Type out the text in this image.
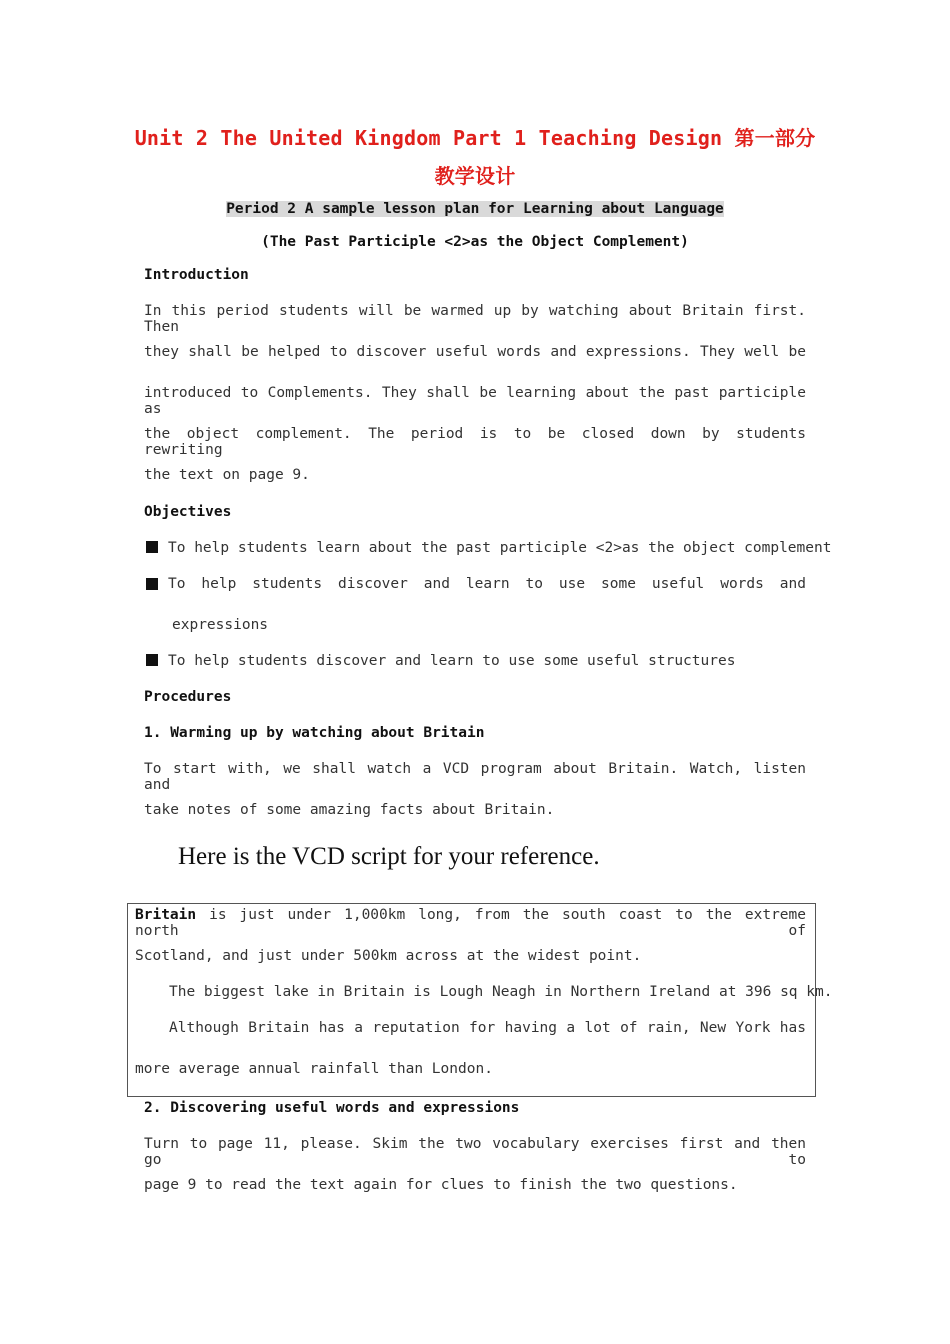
Unit 2 The United Kingdom Part 1 Teaching Design 第一部分
教学设计
Period 2 A sample lesson plan for Learning about Language
(The Past Participle <2>as the Object Complement)
Introduction
In this period students will be warmed up by watching about Britain first. Then
they shall be helped to discover useful words and expressions. They well be
introduced to Complements. They shall be learning about the past participle as
the object complement. The period is to be closed down by students rewriting
the text on page 9.
Objectives
To help students learn about the past participle <2>as the object complement
To help students discover and learn to use some useful words and
expressions
To help students discover and learn to use some useful structures
Procedures
1. Warming up by watching about Britain
To start with, we shall watch a VCD program about Britain. Watch, listen and
take notes of some amazing facts about Britain.
Here is the VCD script for your reference.
Britain is just under 1,000km long, from the south coast to the extreme north of
Scotland, and just under 500km across at the widest point.
The biggest lake in Britain is Lough Neagh in Northern Ireland at 396 sq km.
Although Britain has a reputation for having a lot of rain, New York has
more average annual rainfall than London.
2. Discovering useful words and expressions
Turn to page 11, please. Skim the two vocabulary exercises first and then go to
page 9 to read the text again for clues to finish the two questions.
